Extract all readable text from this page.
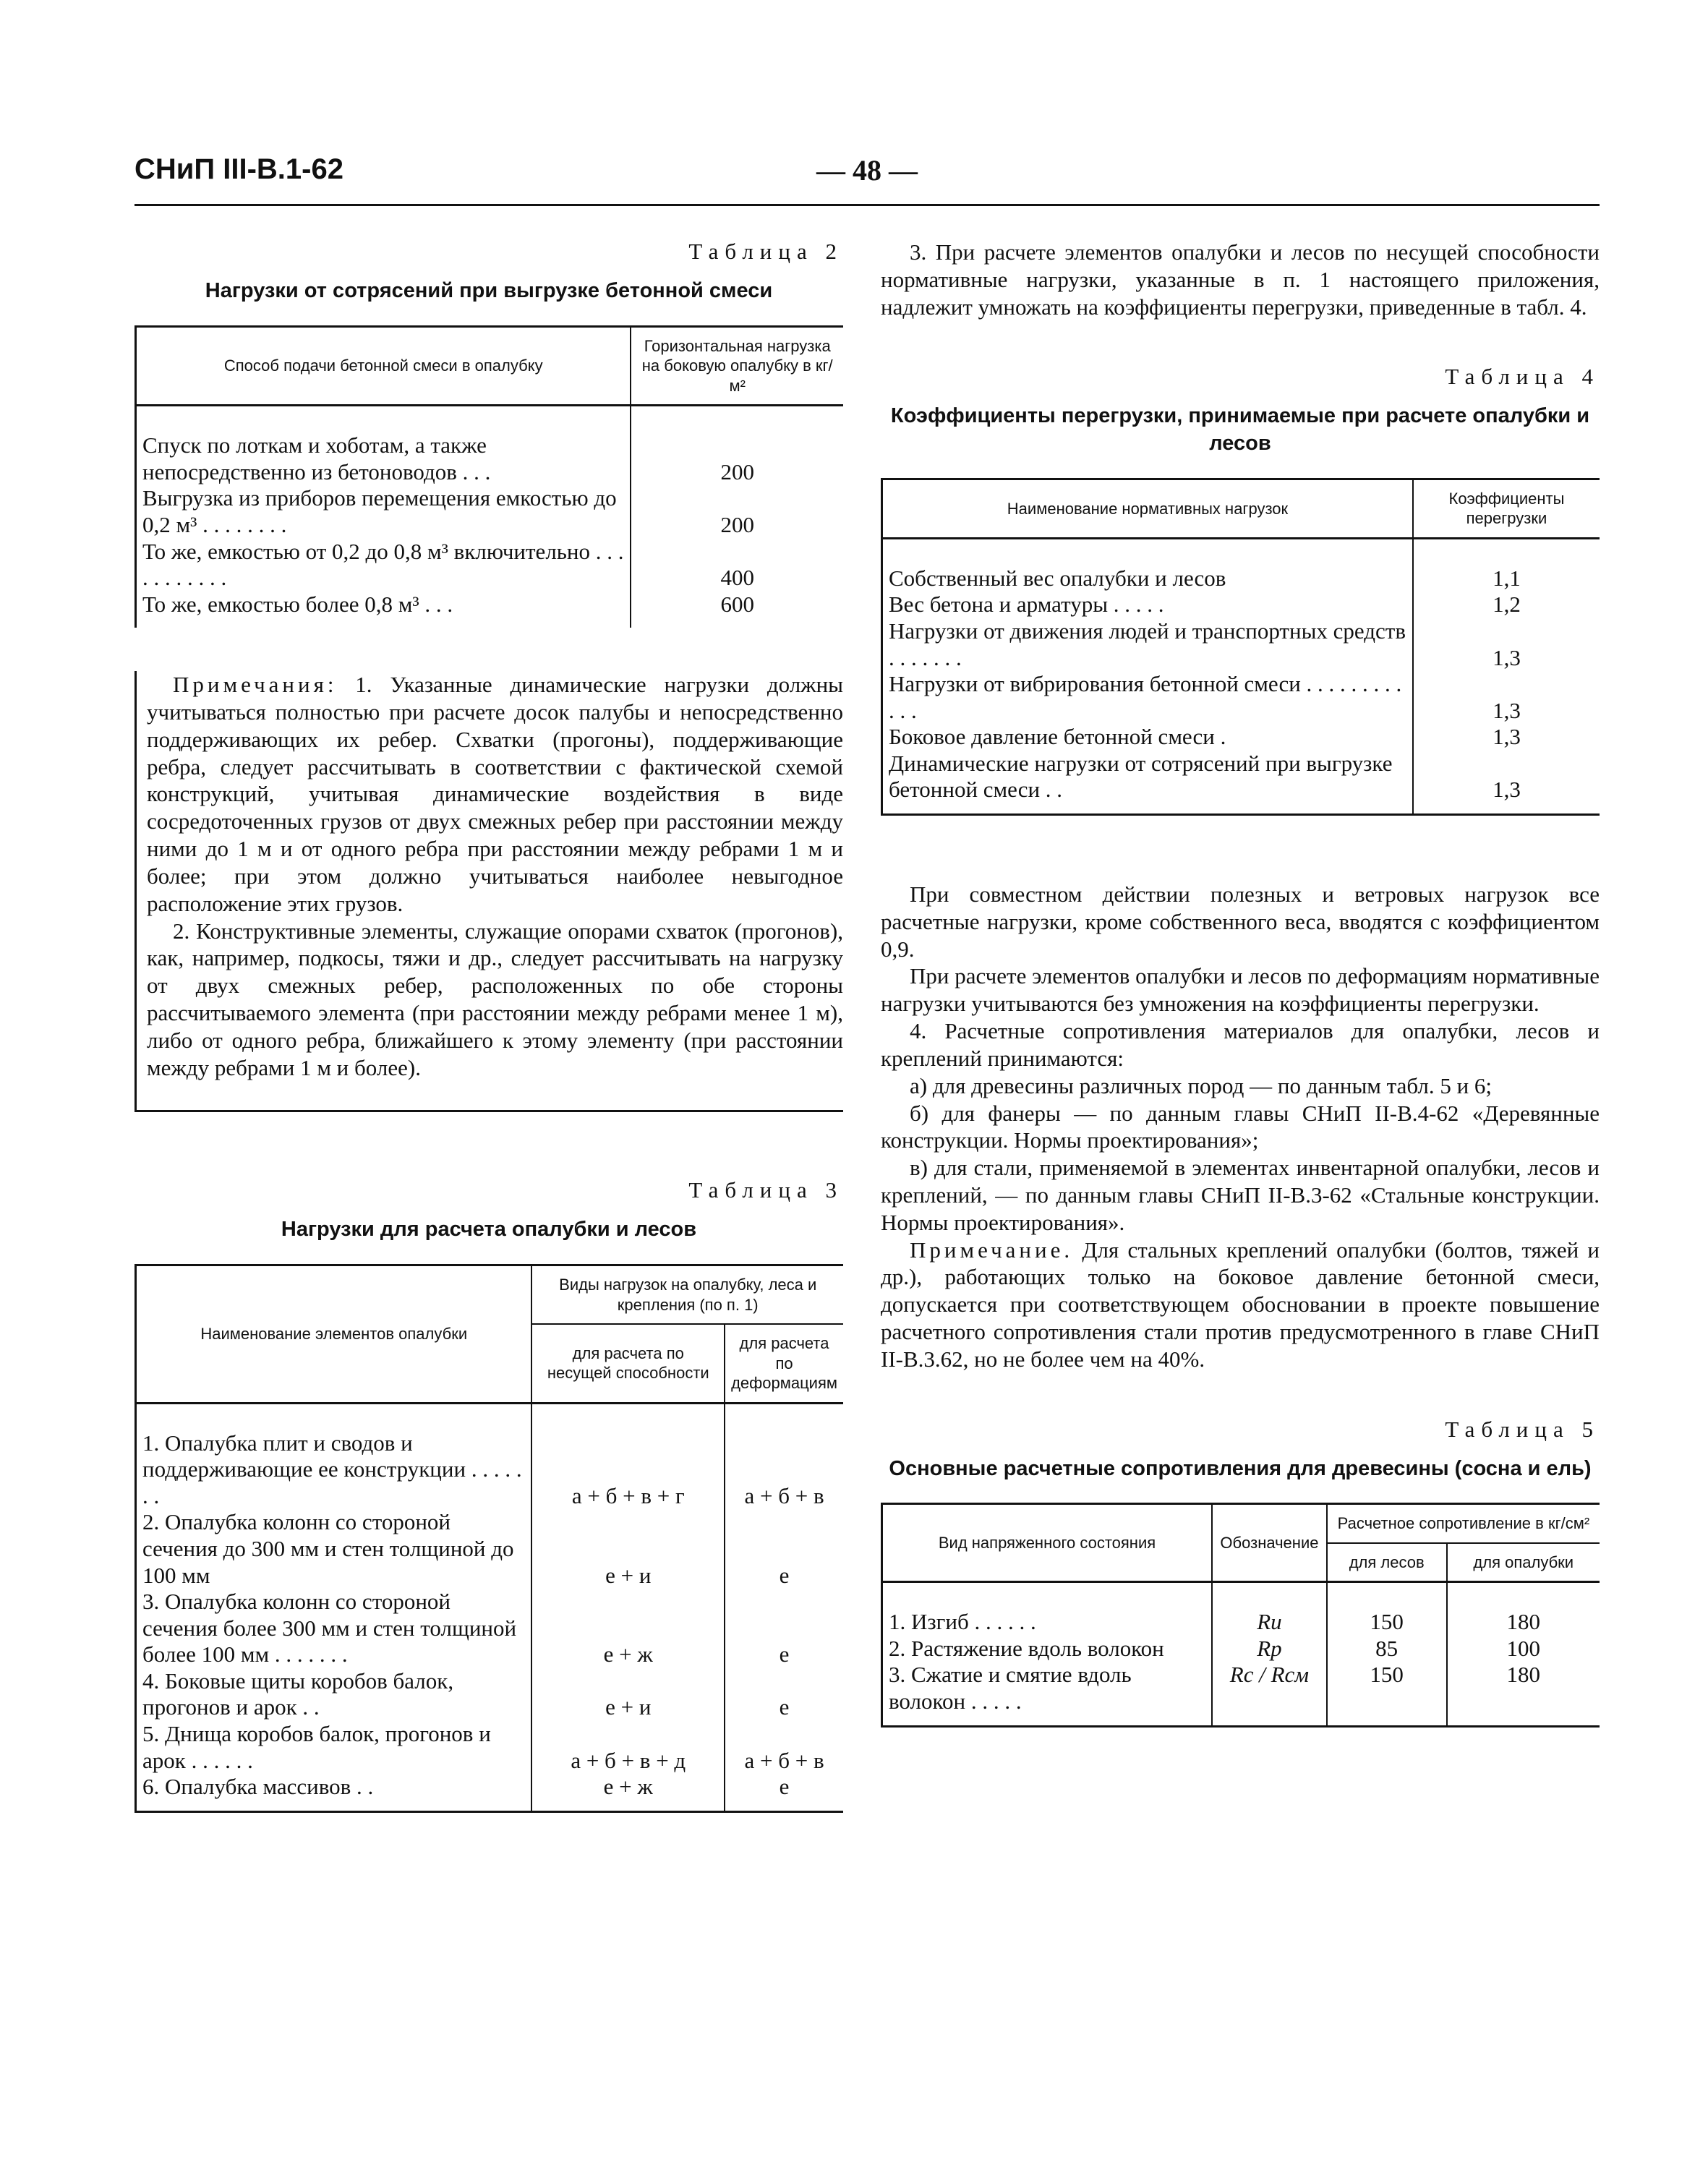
СНиП III-В.1-62	— 48 —
Таблица 2
Нагрузки от сотрясений при выгрузке бетонной смеси
Способ подачи бетонной смеси в опалубку	Горизонтальная нагрузка на боковую опалубку в кг/м²
Спуск по лоткам и хоботам, а также непосредственно из бетоноводов . . .	200
Выгрузка из приборов перемещения емкостью до 0,2 м³ . . . . . . . .	200
То же, емкостью от 0,2 до 0,8 м³ включительно . . . . . . . . . . .	400
То же, емкостью более 0,8 м³ . . .	600

Примечания: 1. Указанные динамические нагрузки должны учитываться полностью при расчете досок палубы и непосредственно поддерживающих их ребер. Схватки (прогоны), поддерживающие ребра, следует рассчитывать в соответствии с фактической схемой конструкций, учитывая динамические воздействия в виде сосредоточенных грузов от двух смежных ребер при расстоянии между ними до 1 м и от одного ребра при расстоянии между ребрами 1 м и более; при этом должно учитываться наиболее невыгодное расположение этих грузов.

2. Конструктивные элементы, служащие опорами схваток (прогонов), как, например, подкосы, тяжи и др., следует рассчитывать на нагрузку от двух смежных ребер, расположенных по обе стороны рассчитываемого элемента (при расстоянии между ребрами менее 1 м), либо от одного ребра, ближайшего к этому элементу (при расстоянии между ребрами 1 м и более).

Таблица 3
Нагрузки для расчета опалубки и лесов
Наименование элементов опалубки	Виды нагрузок на опалубку, леса и крепления (по п. 1)	
	для расчета по несущей способности	для расчета по деформациям
1. Опалубка плит и сводов и поддерживающие ее конструкции . . . . . . .	а + б + в + г	а + б + в
2. Опалубка колонн со стороной сечения до 300 мм и стен толщиной до 100 мм	е + и	е
3. Опалубка колонн со стороной сечения более 300 мм и стен толщиной более 100 мм . . . . . . .	е + ж	е
4. Боковые щиты коробов балок, прогонов и арок . .	е + и	е
5. Днища коробов балок, прогонов и арок . . . . . .	а + б + в + д	а + б + в
6. Опалубка массивов . .	е + ж	е

3. При расчете элементов опалубки и лесов по несущей способности нормативные нагрузки, указанные в п. 1 настоящего приложения, надлежит умножать на коэффициенты перегрузки, приведенные в табл. 4.

Таблица 4
Коэффициенты перегрузки, принимаемые при расчете опалубки и лесов
Наименование нормативных нагрузок	Коэффициенты перегрузки
Собственный вес опалубки и лесов	1,1
Вес бетона и арматуры . . . . .	1,2
Нагрузки от движения людей и транспортных средств . . . . . . .	1,3
Нагрузки от вибрирования бетонной смеси . . . . . . . . . . . .	1,3
Боковое давление бетонной смеси .	1,3
Динамические нагрузки от сотрясений при выгрузке бетонной смеси . .	1,3

При совместном действии полезных и ветровых нагрузок все расчетные нагрузки, кроме собственного веса, вводятся с коэффициентом 0,9.

При расчете элементов опалубки и лесов по деформациям нормативные нагрузки учитываются без умножения на коэффициенты перегрузки.

4. Расчетные сопротивления материалов для опалубки, лесов и креплений принимаются:

а) для древесины различных пород — по данным табл. 5 и 6;

б) для фанеры — по данным главы СНиП II-В.4-62 «Деревянные конструкции. Нормы проектирования»;

в) для стали, применяемой в элементах инвентарной опалубки, лесов и креплений, — по данным главы СНиП II-В.3-62 «Стальные конструкции. Нормы проектирования».

Примечание. Для стальных креплений опалубки (болтов, тяжей и др.), работающих только на боковое давление бетонной смеси, допускается при соответствующем обосновании в проекте повышение расчетного сопротивления стали против предусмотренного в главе СНиП II-В.3.62, но не более чем на 40%.

Таблица 5
Основные расчетные сопротивления для древесины (сосна и ель)
Вид напряженного состояния	Обозначение	Расчетное сопротивление в кг/см²	
		для лесов	для опалубки
1. Изгиб . . . . . .	Rи	150	180
2. Растяжение вдоль волокон	Rр	85	100
3. Сжатие и смятие вдоль волокон . . . . .	Rс / Rсм	150	180
